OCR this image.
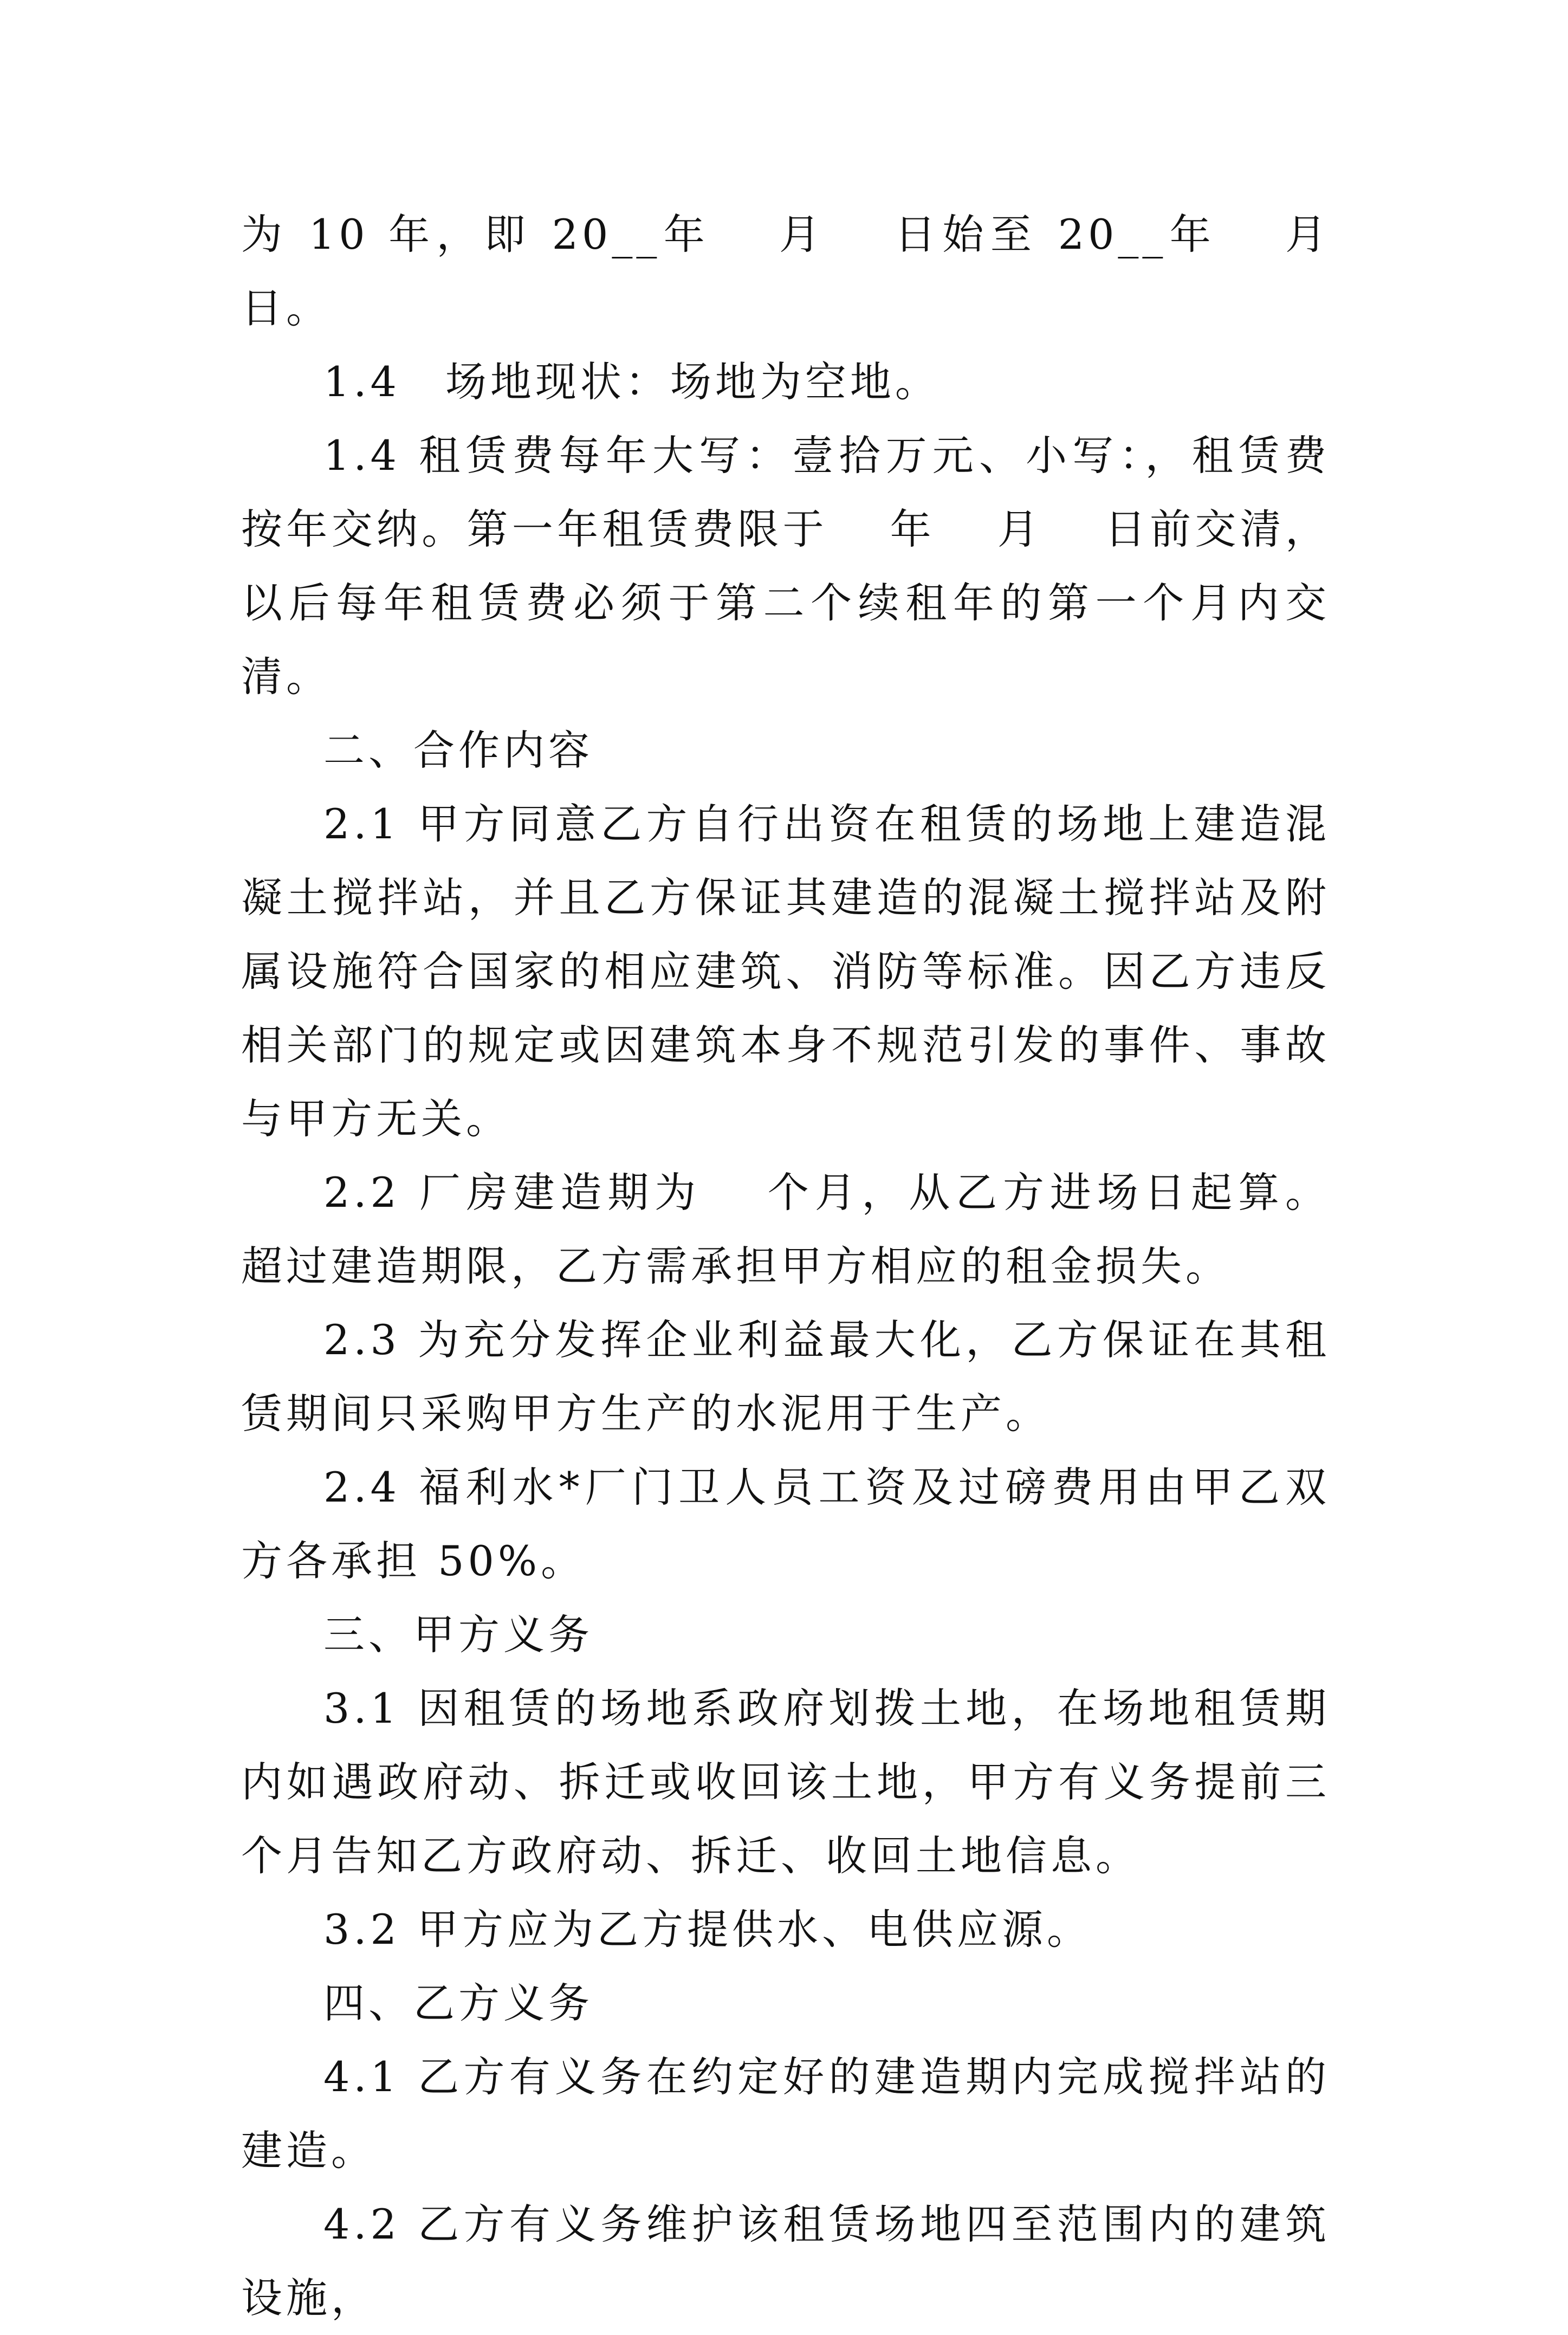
为 10 年，即 20__年　 月　 日始至 20__年　 月　 日。

1.4　场地现状：场地为空地。

1.4 租赁费每年大写：壹拾万元、小写：，租赁费按年交纳。第一年租赁费限于　 年　 月　 日前交清，以后每年租赁费必须于第二个续租年的第一个月内交清。

二、合作内容

2.1 甲方同意乙方自行出资在租赁的场地上建造混凝土搅拌站，并且乙方保证其建造的混凝土搅拌站及附属设施符合国家的相应建筑、消防等标准。因乙方违反相关部门的规定或因建筑本身不规范引发的事件、事故与甲方无关。

2.2 厂房建造期为　 个月，从乙方进场日起算。超过建造期限，乙方需承担甲方相应的租金损失。

2.3 为充分发挥企业利益最大化，乙方保证在其租赁期间只采购甲方生产的水泥用于生产。

2.4 福利水*厂门卫人员工资及过磅费用由甲乙双方各承担 50%。

三、甲方义务

3.1 因租赁的场地系政府划拨土地，在场地租赁期内如遇政府动、拆迁或收回该土地，甲方有义务提前三个月告知乙方政府动、拆迁、收回土地信息。

3.2 甲方应为乙方提供水、电供应源。

四、乙方义务

4.1 乙方有义务在约定好的建造期内完成搅拌站的建造。

4.2 乙方有义务维护该租赁场地四至范围内的建筑设施，
